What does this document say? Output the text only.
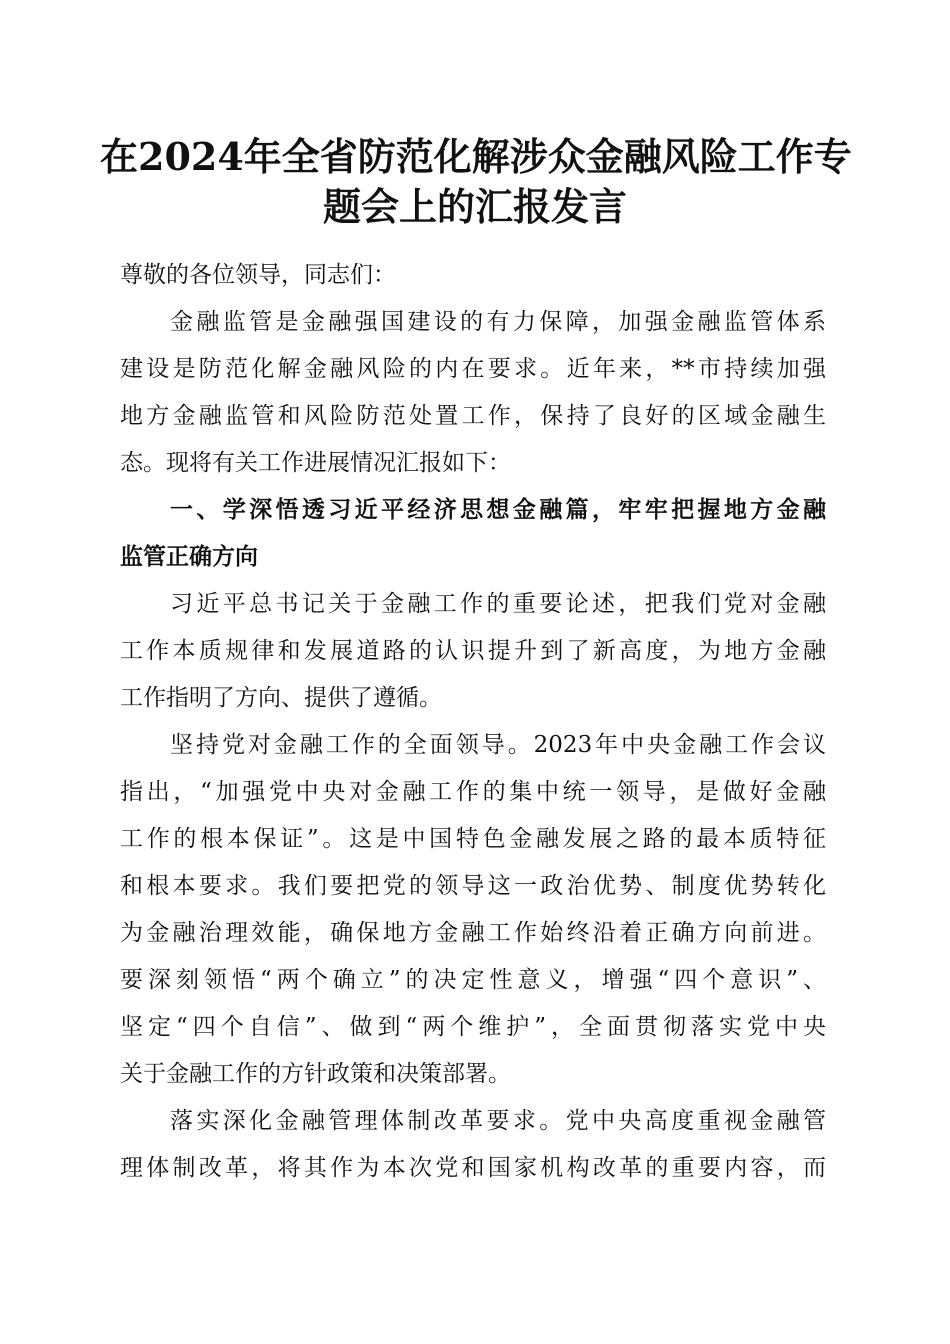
在2024年全省防范化解涉众金融风险工作专
题会上的汇报发言
尊敬的各位领导，同志们：
金融监管是金融强国建设的有力保障，加强金融监管体系
建设是防范化解金融风险的内在要求。近年来，**市持续加强
地方金融监管和风险防范处置工作，保持了良好的区域金融生
态。现将有关工作进展情况汇报如下：
一、学深悟透习近平经济思想金融篇，牢牢把握地方金融
监管正确方向
习近平总书记关于金融工作的重要论述，把我们党对金融
工作本质规律和发展道路的认识提升到了新高度，为地方金融
工作指明了方向、提供了遵循。
坚持党对金融工作的全面领导。2023年中央金融工作会议
指出，“加强党中央对金融工作的集中统一领导，是做好金融
工作的根本保证”。这是中国特色金融发展之路的最本质特征
和根本要求。我们要把党的领导这一政治优势、制度优势转化
为金融治理效能，确保地方金融工作始终沿着正确方向前进。
要深刻领悟“两个确立”的决定性意义，增强“四个意识”、
坚定“四个自信”、做到“两个维护”，全面贯彻落实党中央
关于金融工作的方针政策和决策部署。
落实深化金融管理体制改革要求。党中央高度重视金融管
理体制改革，将其作为本次党和国家机构改革的重要内容，而
